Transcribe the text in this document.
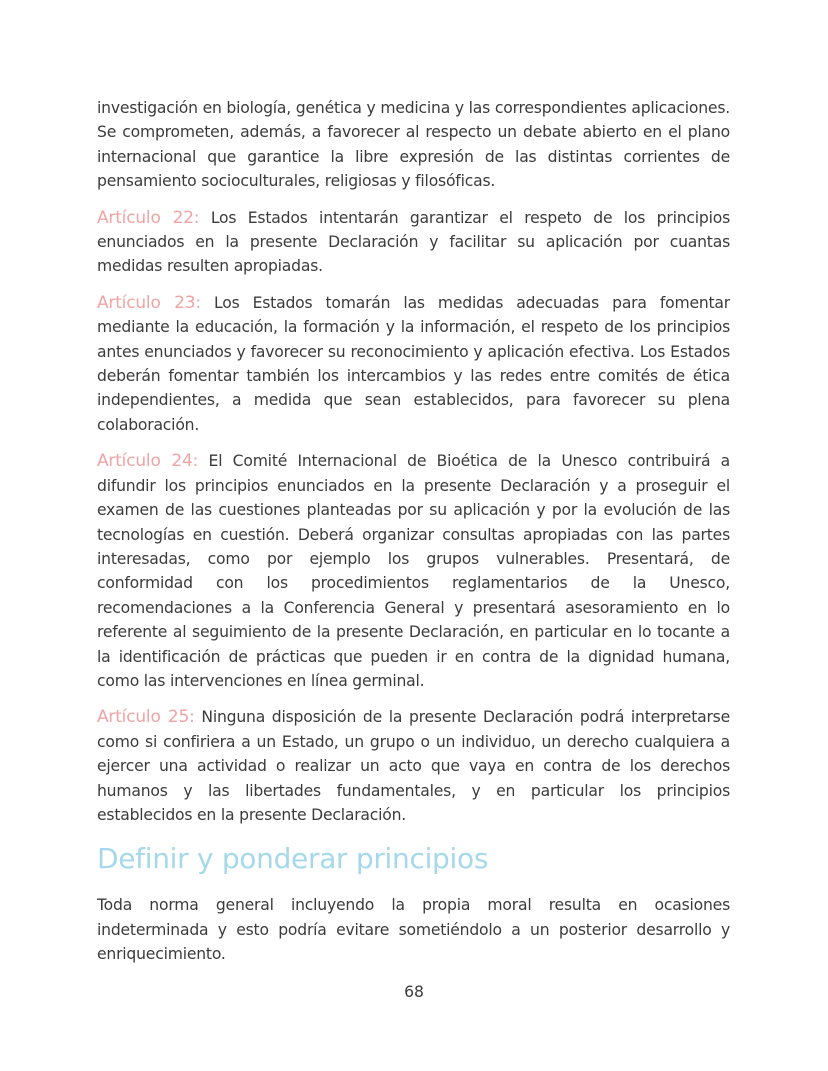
investigación en biología, genética y medicina y las correspondientes aplicaciones. Se comprometen, además, a favorecer al respecto un debate abierto en el plano internacional que garantice la libre expresión de las distintas corrientes de pensamiento socioculturales, religiosas y filosóficas.

Artículo 22: Los Estados intentarán garantizar el respeto de los principios enunciados en la presente Declaración y facilitar su aplicación por cuantas medidas resulten apropiadas.

Artículo 23: Los Estados tomarán las medidas adecuadas para fomentar mediante la educación, la formación y la información, el respeto de los principios antes enunciados y favorecer su reconocimiento y aplicación efectiva. Los Estados deberán fomentar también los intercambios y las redes entre comités de ética independientes, a medida que sean establecidos, para favorecer su plena colaboración.

Artículo 24: El Comité Internacional de Bioética de la Unesco contribuirá a difundir los principios enunciados en la presente Declaración y a proseguir el examen de las cuestiones planteadas por su aplicación y por la evolución de las tecnologías en cuestión. Deberá organizar consultas apropiadas con las partes interesadas, como por ejemplo los grupos vulnerables. Presentará, de conformidad con los procedimientos reglamentarios de la Unesco, recomendaciones a la Conferencia General y presentará asesoramiento en lo referente al seguimiento de la presente Declaración, en particular en lo tocante a la identificación de prácticas que pueden ir en contra de la dignidad humana, como las intervenciones en línea germinal.

Artículo 25: Ninguna disposición de la presente Declaración podrá interpretarse como si confiriera a un Estado, un grupo o un individuo, un derecho cualquiera a ejercer una actividad o realizar un acto que vaya en contra de los derechos humanos y las libertades fundamentales, y en particular los principios establecidos en la presente Declaración.

Definir y ponderar principios

Toda norma general incluyendo la propia moral resulta en ocasiones indeterminada y esto podría evitare sometiéndolo a un posterior desarrollo y enriquecimiento.

68
